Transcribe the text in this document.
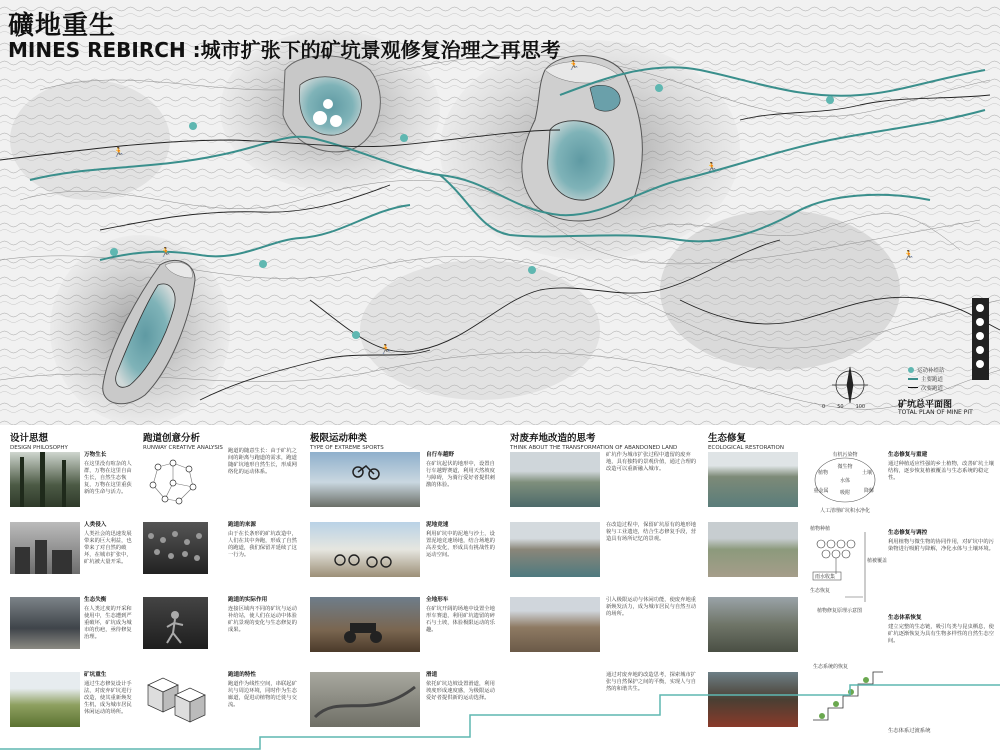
🏃
🏃
🏃
🏃
🏃
🏃
礦地重生
MINES REBIRCH :城市扩张下的矿坑景观修复治理之再思考
运动补给站
主要跑道
次要跑道
矿坑总平面图
TOTAL PLAN OF MINE PIT
0 50 100
设计思想
DESIGN PHILOSOPHY
跑道创意分析
RUNWAY CREATIVE ANALYSIS
极限运动种类
TYPE OF EXTREME SPORTS
对废弃地改造的思考
THINK ABOUT THE TRANSFORMATION OF ABANDONED LAND
生态修复
ECOLOGICAL RESTORATION
万物生长
在这里没有喧杂的人群，万物在这里自由生长，自然生态恢复，万物在这里重获新的生命与活力。
人类侵入
人类社会的迅速发展带来的巨大利益，也带来了对自然的破坏，在城市扩张中，矿坑被大量开采。
生态失衡
在人类过度的开采和使用中，生态遭到严重破坏，矿坑成为城市的伤疤，亟待修复治理。
矿坑重生
通过生态修复设计手法，对废弃矿坑进行改造，使其重新焕发生机，成为城市居民休闲运动的场所。
跑道的随意生长：由于矿坑之间的距离与跑道的需求，跑道随矿坑地形自然生长，形成网络化的运动体系。
跑道的来源
由于在长条形的矿坑改造中，人们在其中奔跑，形成了自然的跑道，我们保留并延续了这一行为。
跑道的实际作用
连接区域内不同的矿坑与运动补给站，使人们在运动中体验矿坑景观的变化与生态修复的成果。
跑道的特性
跑道作为线性空间，串联起矿坑与周边环境，同时作为生态廊道，促进动植物的迁徙与交流。
自行车越野
在矿坑起伏的地形中，设置自行车越野赛道，利用天然坡度与障碍，为骑行爱好者提供刺激的体验。
泥地竞速
利用矿坑中的泥地与沙土，设置泥地竞速场地，结合场地的高差变化，形成具有挑战性的运动空间。
全地形车
在矿坑开阔的场地中设置全地形车赛道，利用矿坑遗留的碎石与土坡，体验极限运动的乐趣。
滑道
依托矿坑边坡设置滑道，利用坡度形成速度感，为极限运动爱好者提供新的运动选择。
矿坑作为城市扩张过程中遗留的废弃地，具有独特的景观价值，通过合理的改造可以重新融入城市。
在改造过程中，保留矿坑原有的地形地貌与工业遗迹，结合生态修复手段，营造具有场所记忆的景观。
引入极限运动与休闲功能，使废弃地重新焕发活力，成为城市居民与自然互动的场所。
通过对废弃地的改造思考，探索城市扩张与自然保护之间的平衡，实现人与自然的和谐共生。
有机污染物
微生物
植物	土壤
水体
重金属 吸附	降解
人工清理矿坑积水净化
植物种植
雨水收集
植被覆盖
生态恢复
植物修复原理示意图
生态系统的恢复
生态修复与重建
通过种植适应性强的乡土植物，改善矿坑土壤结构，逐步恢复植被覆盖与生态系统的稳定性。
生态修复与调控
利用植物与微生物的协同作用，对矿坑中的污染物进行吸附与降解，净化水体与土壤环境。
生态体系恢复
建立完整的生态链，吸引鸟类与昆虫栖息，使矿坑逐渐恢复为具有生物多样性的自然生态空间。
生态体系过渡系统
